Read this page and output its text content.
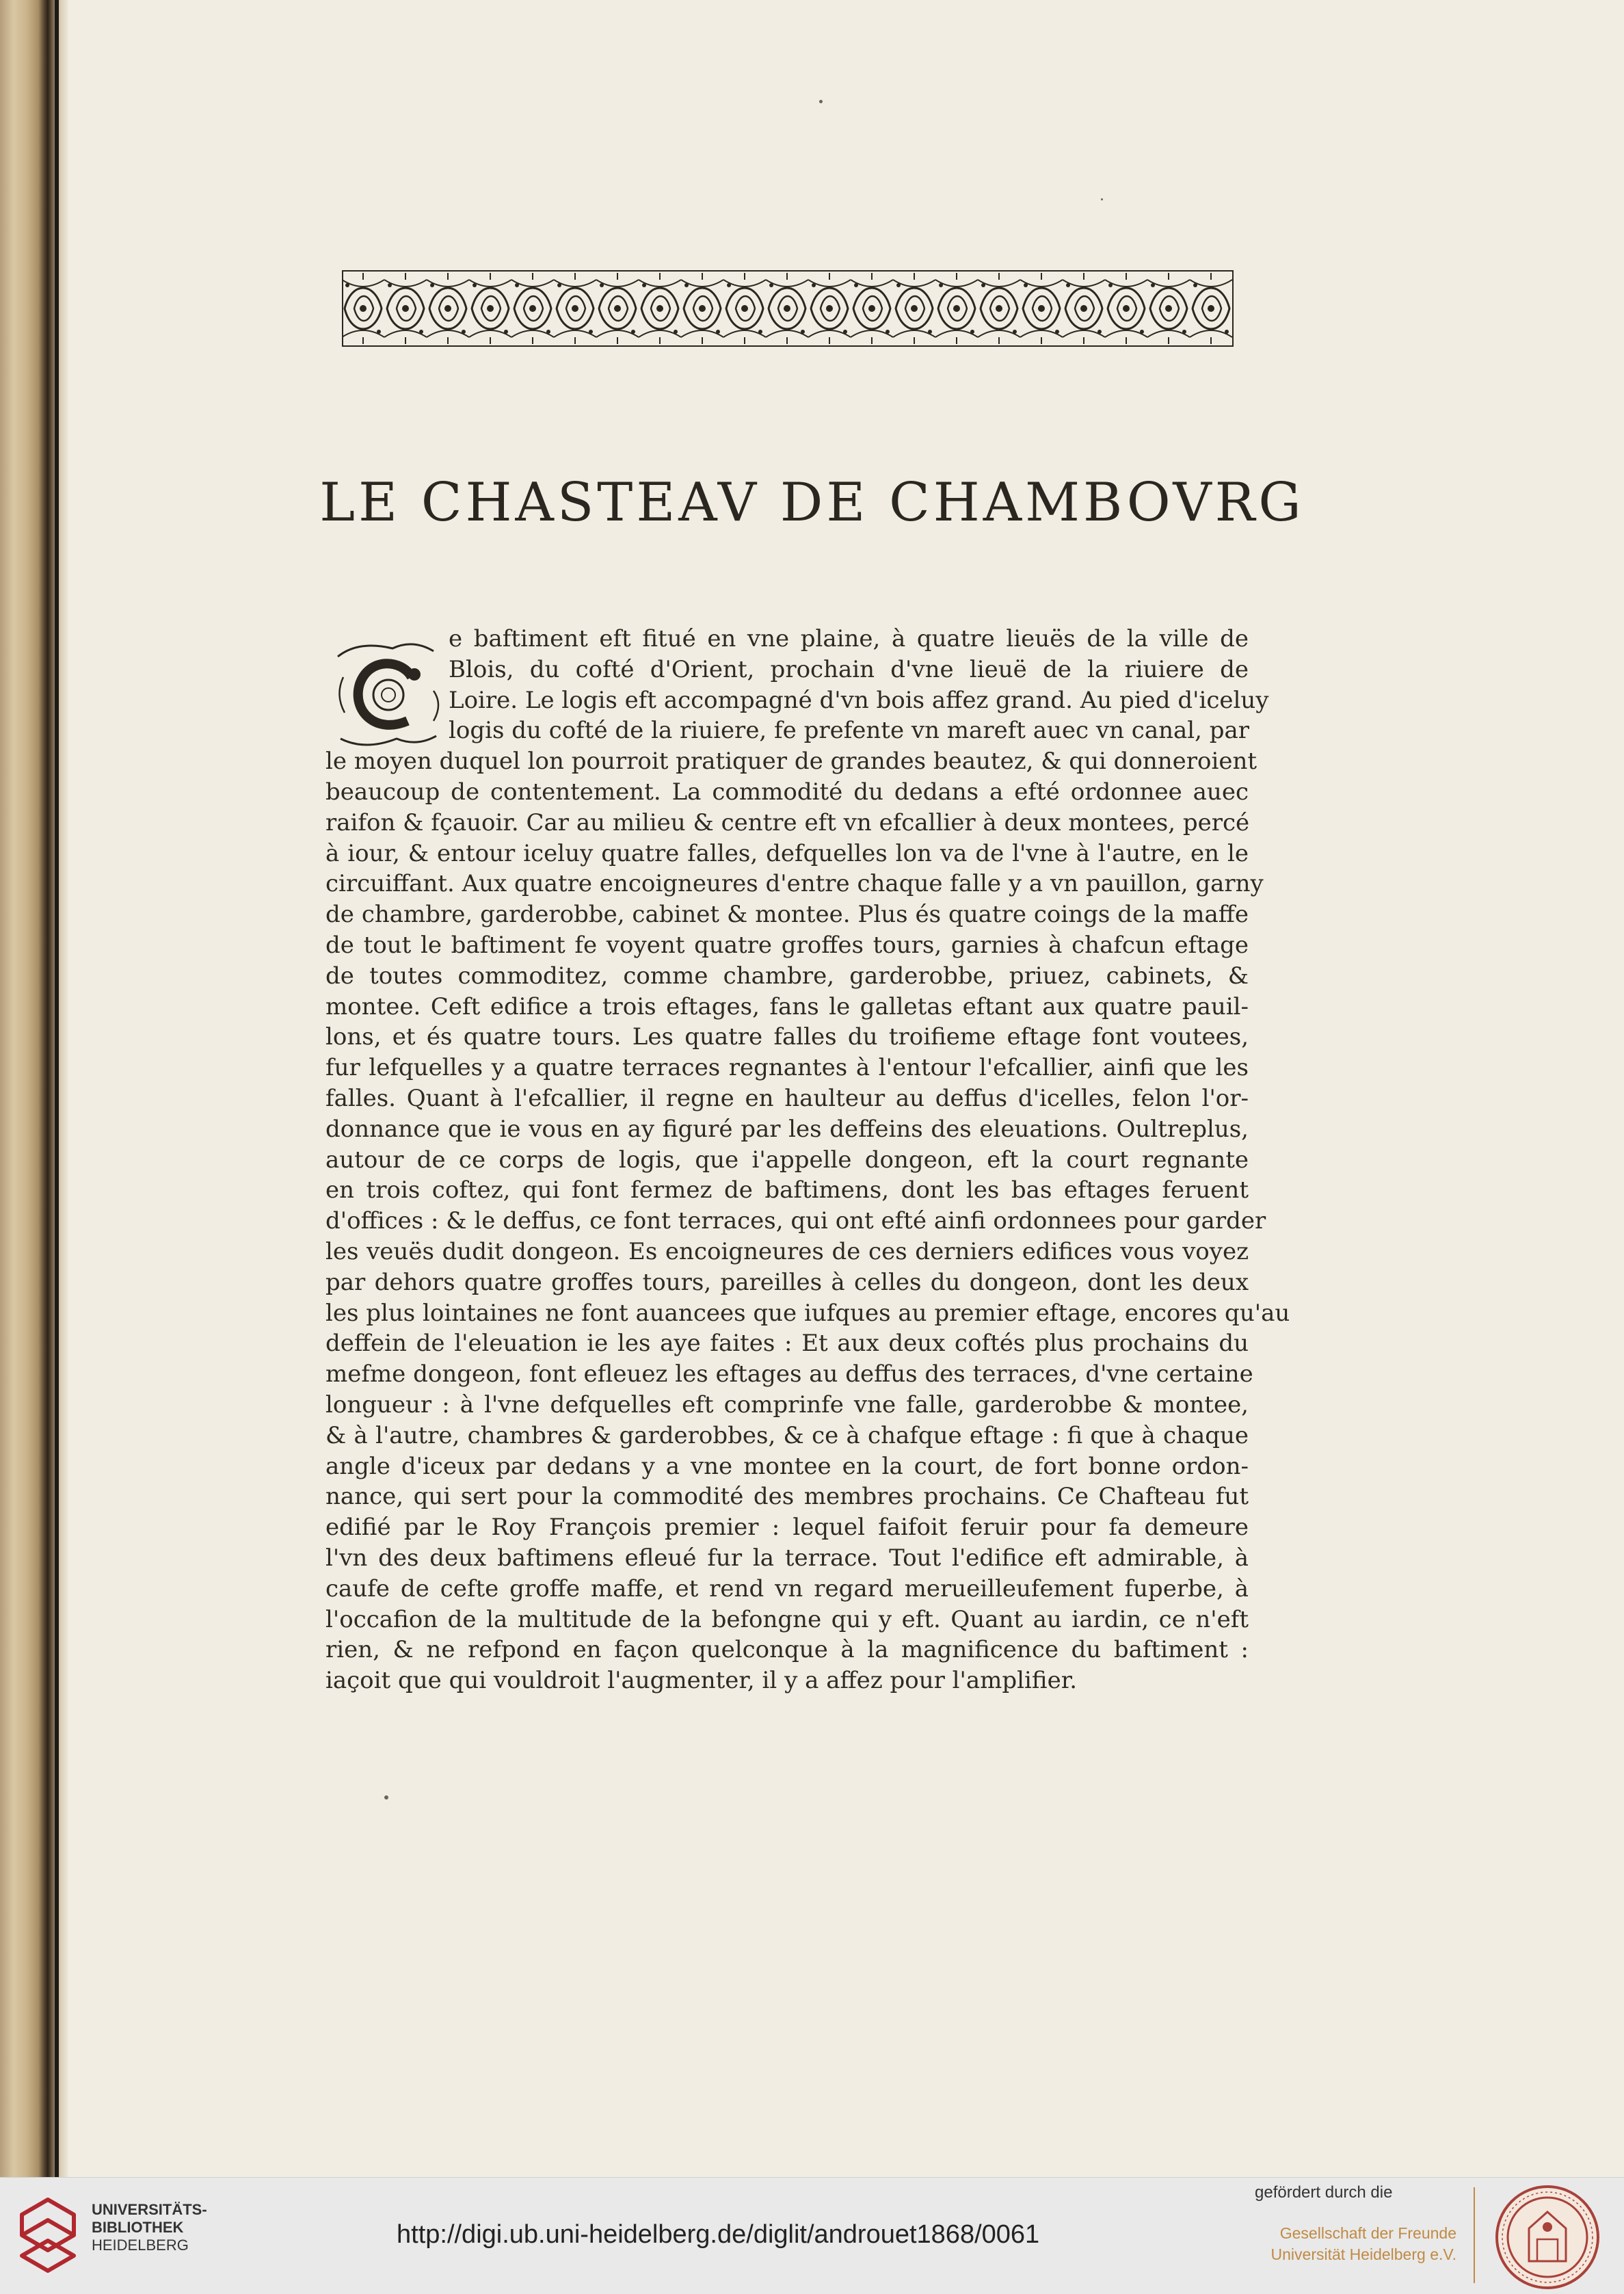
LE CHASTEAV DE CHAMBOVRG
e baftiment eft fitué en vne plaine, à quatre lieuës de la ville de
Blois, du cofté d'Orient, prochain d'vne lieuë de la riuiere de
Loire. Le logis eft accompagné d'vn bois affez grand. Au pied d'iceluy
logis du cofté de la riuiere, fe prefente vn mareft auec vn canal, par
le moyen duquel lon pourroit pratiquer de grandes beautez, & qui donneroient
beaucoup de contentement. La commodité du dedans a efté ordonnee auec
raifon & fçauoir. Car au milieu & centre eft vn efcallier à deux montees, percé
à iour, & entour iceluy quatre falles, defquelles lon va de l'vne à l'autre, en le
circuiffant. Aux quatre encoigneures d'entre chaque falle y a vn pauillon, garny
de chambre, garderobbe, cabinet & montee. Plus és quatre coings de la maffe
de tout le baftiment fe voyent quatre groffes tours, garnies à chafcun eftage
de toutes commoditez, comme chambre, garderobbe, priuez, cabinets, &
montee. Ceft edifice a trois eftages, fans le galletas eftant aux quatre pauil-
lons, et és quatre tours. Les quatre falles du troifieme eftage font voutees,
fur lefquelles y a quatre terraces regnantes à l'entour l'efcallier, ainfi que les
falles. Quant à l'efcallier, il regne en haulteur au deffus d'icelles, felon l'or-
donnance que ie vous en ay figuré par les deffeins des eleuations. Oultreplus,
autour de ce corps de logis, que i'appelle dongeon, eft la court regnante
en trois coftez, qui font fermez de baftimens, dont les bas eftages feruent
d'offices : & le deffus, ce font terraces, qui ont efté ainfi ordonnees pour garder
les veuës dudit dongeon. Es encoigneures de ces derniers edifices vous voyez
par dehors quatre groffes tours, pareilles à celles du dongeon, dont les deux
les plus lointaines ne font auancees que iufques au premier eftage, encores qu'au
deffein de l'eleuation ie les aye faites : Et aux deux coftés plus prochains du
mefme dongeon, font efleuez les eftages au deffus des terraces, d'vne certaine
longueur : à l'vne defquelles eft comprinfe vne falle, garderobbe & montee,
& à l'autre, chambres & garderobbes, & ce à chafque eftage : fi que à chaque
angle d'iceux par dedans y a vne montee en la court, de fort bonne ordon-
nance, qui sert pour la commodité des membres prochains. Ce Chafteau fut
edifié par le Roy François premier : lequel faifoit feruir pour fa demeure
l'vn des deux baftimens efleué fur la terrace. Tout l'edifice eft admirable, à
caufe de cefte groffe maffe, et rend vn regard merueilleufement fuperbe, à
l'occafion de la multitude de la befongne qui y eft. Quant au iardin, ce n'eft
rien, & ne refpond en façon quelconque à la magnificence du baftiment :
iaçoit que qui vouldroit l'augmenter, il y a affez pour l'amplifier.
UNIVERSITÄTS-
BIBLIOTHEK
HEIDELBERG	http://digi.ub.uni-heidelberg.de/diglit/androuet1868/0061
gefördert durch die
Gesellschaft der Freunde
Universität Heidelberg e.V.
